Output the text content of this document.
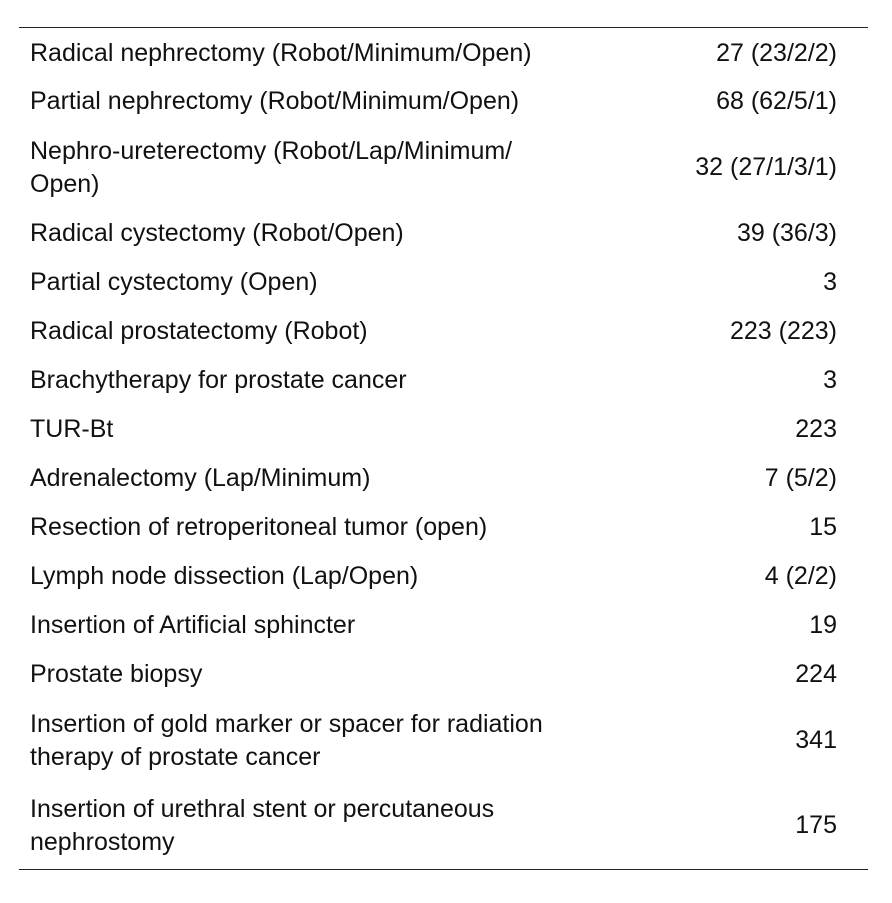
Radical nephrectomy (Robot/Minimum/Open)	27 (23/2/2)
Partial nephrectomy (Robot/Minimum/Open)	68 (62/5/1)
Nephro-ureterectomy (Robot/Lap/Minimum/
Open)	32 (27/1/3/1)
Radical cystectomy (Robot/Open)	39 (36/3)
Partial cystectomy (Open)	3
Radical prostatectomy (Robot)	223 (223)
Brachytherapy for prostate cancer	3
TUR-Bt	223
Adrenalectomy (Lap/Minimum)	7 (5/2)
Resection of retroperitoneal tumor (open)	15
Lymph node dissection (Lap/Open)	4 (2/2)
Insertion of Artificial sphincter	19
Prostate biopsy	224
Insertion of gold marker or spacer for radiation
therapy of prostate cancer	341
Insertion of urethral stent or percutaneous
nephrostomy	175
